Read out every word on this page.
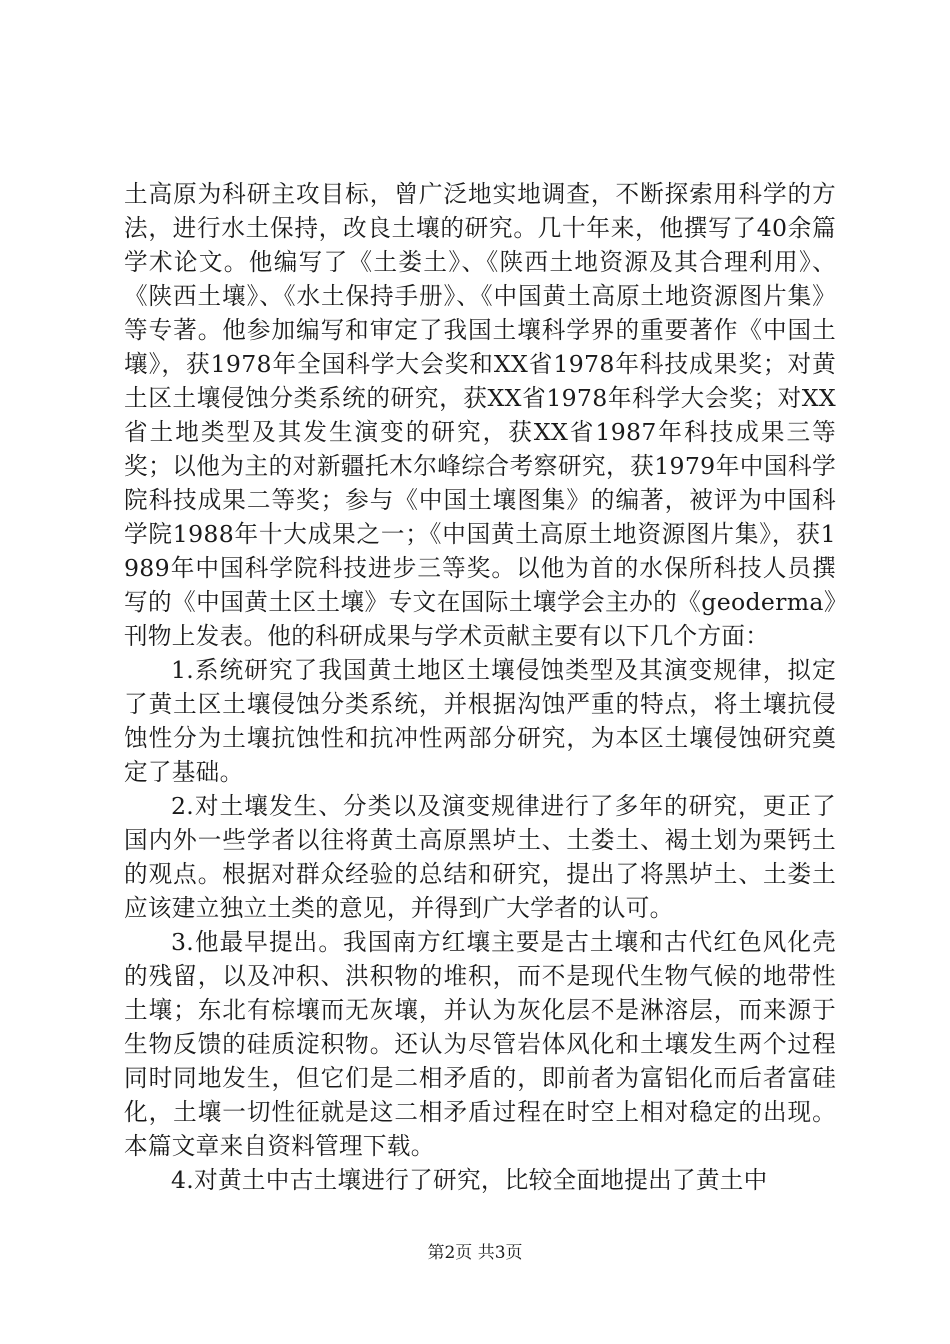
土高原为科研主攻目标，曾广泛地实地调查，不断探索用科学的方法，进行水土保持，改良土壤的研究。几十年来，他撰写了40余篇学术论文。他编写了《土娄土》、《陕西土地资源及其合理利用》、《陕西土壤》、《水土保持手册》、《中国黄土高原土地资源图片集》等专著。他参加编写和审定了我国土壤科学界的重要著作《中国土壤》，获1978年全国科学大会奖和XX省1978年科技成果奖；对黄土区土壤侵蚀分类系统的研究，获XX省1978年科学大会奖；对XX省土地类型及其发生演变的研究，获XX省1987年科技成果三等奖；以他为主的对新疆托木尔峰综合考察研究，获1979年中国科学院科技成果二等奖；参与《中国土壤图集》的编著，被评为中国科学院1988年十大成果之一；《中国黄土高原土地资源图片集》，获1989年中国科学院科技进步三等奖。以他为首的水保所科技人员撰写的《中国黄土区土壤》专文在国际土壤学会主办的《geoderma》刊物上发表。他的科研成果与学术贡献主要有以下几个方面：

1.系统研究了我国黄土地区土壤侵蚀类型及其演变规律，拟定了黄土区土壤侵蚀分类系统，并根据沟蚀严重的特点，将土壤抗侵蚀性分为土壤抗蚀性和抗冲性两部分研究，为本区土壤侵蚀研究奠定了基础。

2.对土壤发生、分类以及演变规律进行了多年的研究，更正了国内外一些学者以往将黄土高原黑垆土、土娄土、褐土划为栗钙土的观点。根据对群众经验的总结和研究，提出了将黑垆土、土娄土应该建立独立土类的意见，并得到广大学者的认可。

3.他最早提出。我国南方红壤主要是古土壤和古代红色风化壳的残留，以及冲积、洪积物的堆积，而不是现代生物气候的地带性土壤；东北有棕壤而无灰壤，并认为灰化层不是淋溶层，而来源于生物反馈的硅质淀积物。还认为尽管岩体风化和土壤发生两个过程同时同地发生，但它们是二相矛盾的，即前者为富铝化而后者富硅化，土壤一切性征就是这二相矛盾过程在时空上相对稳定的出现。本篇文章来自资料管理下载。

4.对黄土中古土壤进行了研究，比较全面地提出了黄土中

第2页 共3页
